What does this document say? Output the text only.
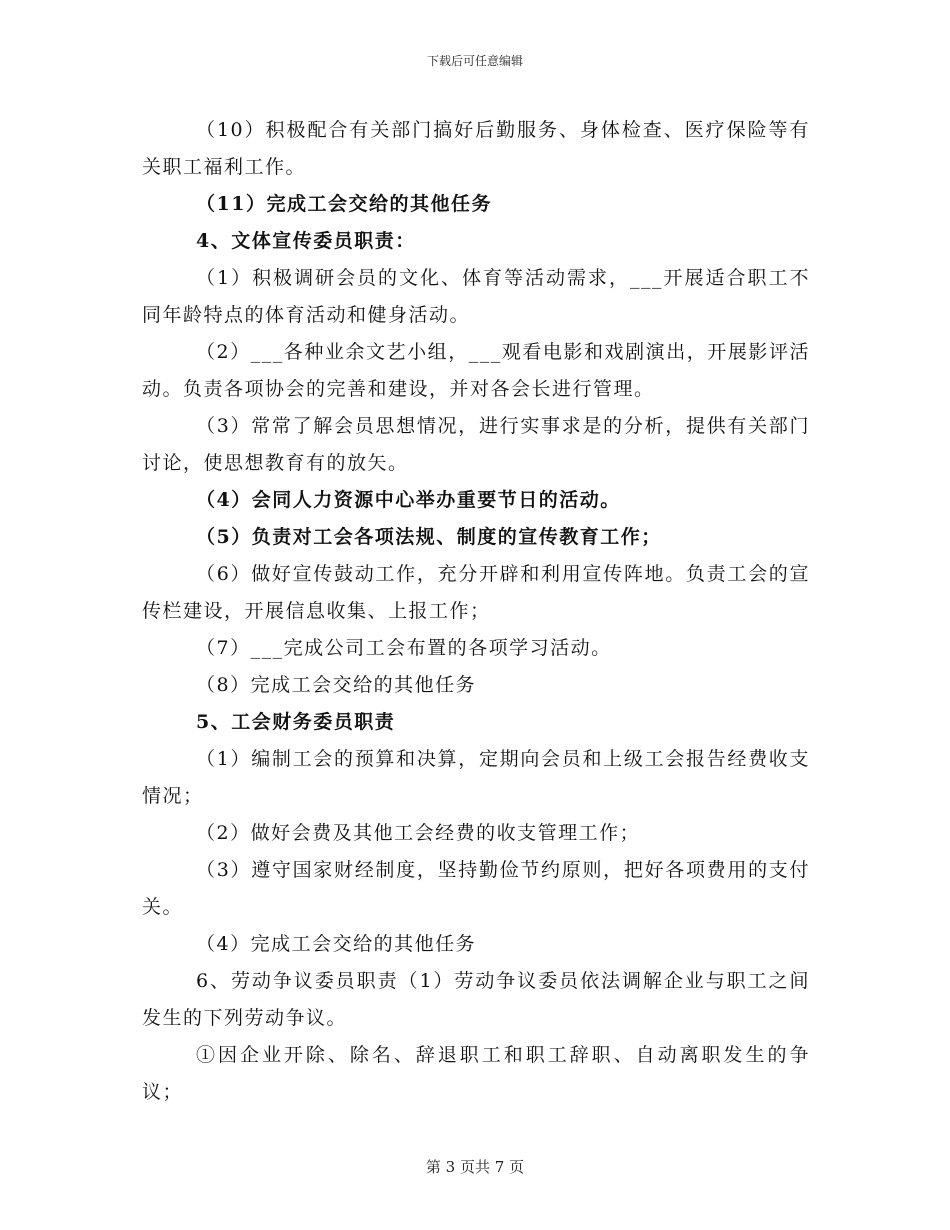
下载后可任意编辑

（10）积极配合有关部门搞好后勤服务、身体检查、医疗保险等有关职工福利工作。

（11）完成工会交给的其他任务

4、文体宣传委员职责：

（1）积极调研会员的文化、体育等活动需求，___开展适合职工不同年龄特点的体育活动和健身活动。

（2）___各种业余文艺小组，___观看电影和戏剧演出，开展影评活动。负责各项协会的完善和建设，并对各会长进行管理。

（3）常常了解会员思想情况，进行实事求是的分析，提供有关部门讨论，使思想教育有的放矢。

（4）会同人力资源中心举办重要节日的活动。

（5）负责对工会各项法规、制度的宣传教育工作；

（6）做好宣传鼓动工作，充分开辟和利用宣传阵地。负责工会的宣传栏建设，开展信息收集、上报工作；

（7）___完成公司工会布置的各项学习活动。

（8）完成工会交给的其他任务

5、工会财务委员职责

（1）编制工会的预算和决算，定期向会员和上级工会报告经费收支情况；

（2）做好会费及其他工会经费的收支管理工作；

（3）遵守国家财经制度，坚持勤俭节约原则，把好各项费用的支付关。

（4）完成工会交给的其他任务

6、劳动争议委员职责（1）劳动争议委员依法调解企业与职工之间发生的下列劳动争议。

①因企业开除、除名、辞退职工和职工辞职、自动离职发生的争议；

第 3 页共 7 页
